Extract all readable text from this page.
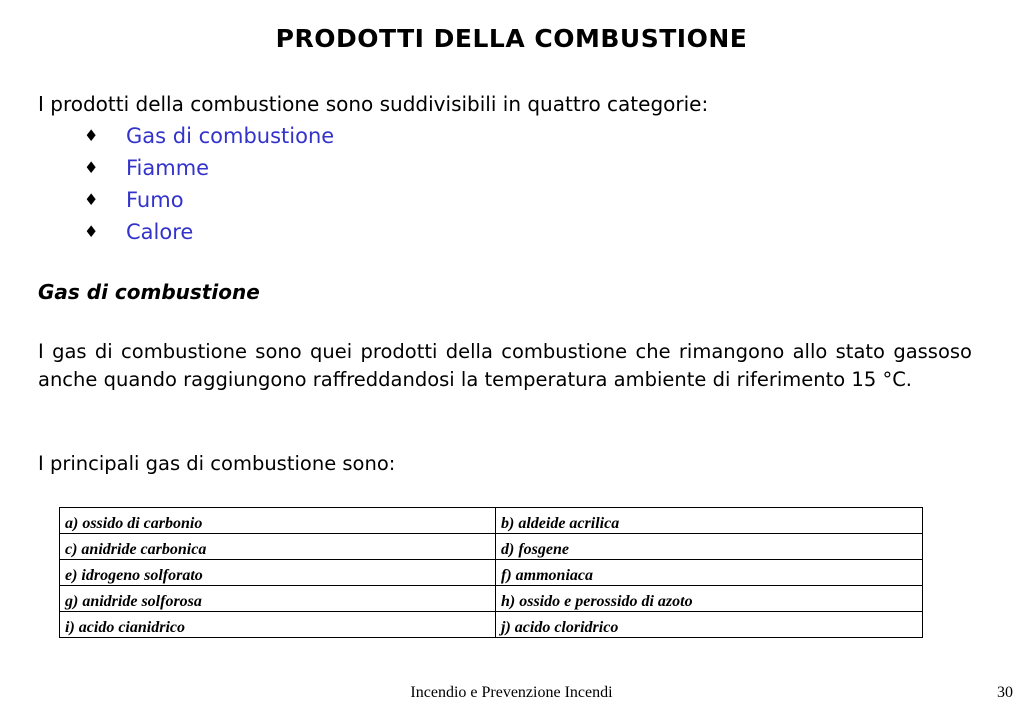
PRODOTTI DELLA COMBUSTIONE
I prodotti della combustione sono suddivisibili in quattro categorie:
♦	Gas di combustione
♦	Fiamme
♦	Fumo
♦	Calore
Gas di combustione
I gas di combustione sono quei prodotti della combustione che rimangono allo stato gassoso anche quando raggiungono raffreddandosi la temperatura ambiente di riferimento 15 °C.
I principali gas di combustione sono:
a) ossido di carbonio	b) aldeide acrilica
c) anidride carbonica	d) fosgene
e) idrogeno solforato	f) ammoniaca
g) anidride solforosa	h) ossido e perossido di azoto
i) acido cianidrico	j) acido cloridrico
Incendio e Prevenzione Incendi	30
